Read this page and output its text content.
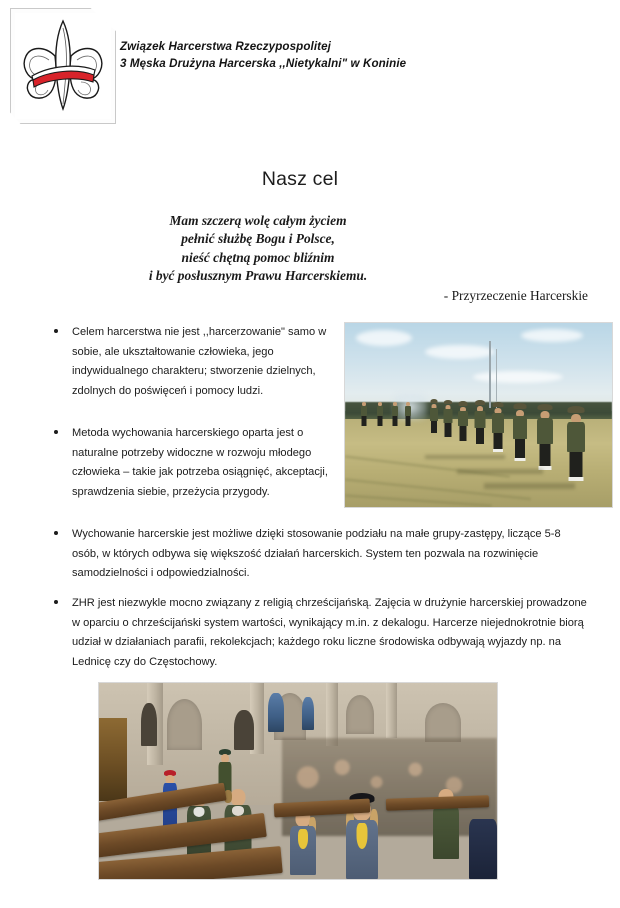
Związek Harcerstwa Rzeczypospolitej
3 Męska Drużyna Harcerska ,,Nietykalni" w Koninie
Nasz cel
Mam szczerą wolę całym życiem
pełnić służbę Bogu i Polsce,
nieść chętną pomoc bliźnim
i być posłusznym Prawu Harcerskiemu.
- Przyrzeczenie Harcerskie
Celem harcerstwa nie jest ,,harcerzowanie" samo w sobie, ale ukształtowanie człowieka, jego indywidualnego charakteru; stworzenie dzielnych, zdolnych do poświęceń i pomocy ludzi.
Metoda wychowania harcerskiego oparta jest o naturalne potrzeby widoczne w rozwoju młodego człowieka – takie jak potrzeba osiągnięć, akceptacji, sprawdzenia siebie, przeżycia przygody.
Wychowanie harcerskie jest możliwe dzięki stosowanie podziału na małe grupy-zastępy, liczące 5-8 osób, w których odbywa się większość działań harcerskich. System ten pozwala na rozwinięcie samodzielności i odpowiedzialności.
ZHR jest niezwykle mocno związany z religią chrześcijańską. Zajęcia w drużynie harcerskiej prowadzone w oparciu o chrześcijański system wartości, wynikający m.in. z dekalogu. Harcerze niejednokrotnie biorą udział w działaniach parafii, rekolekcjach; każdego roku liczne środowiska odbywają wyjazdy np. na Lednicę czy do Częstochowy.
